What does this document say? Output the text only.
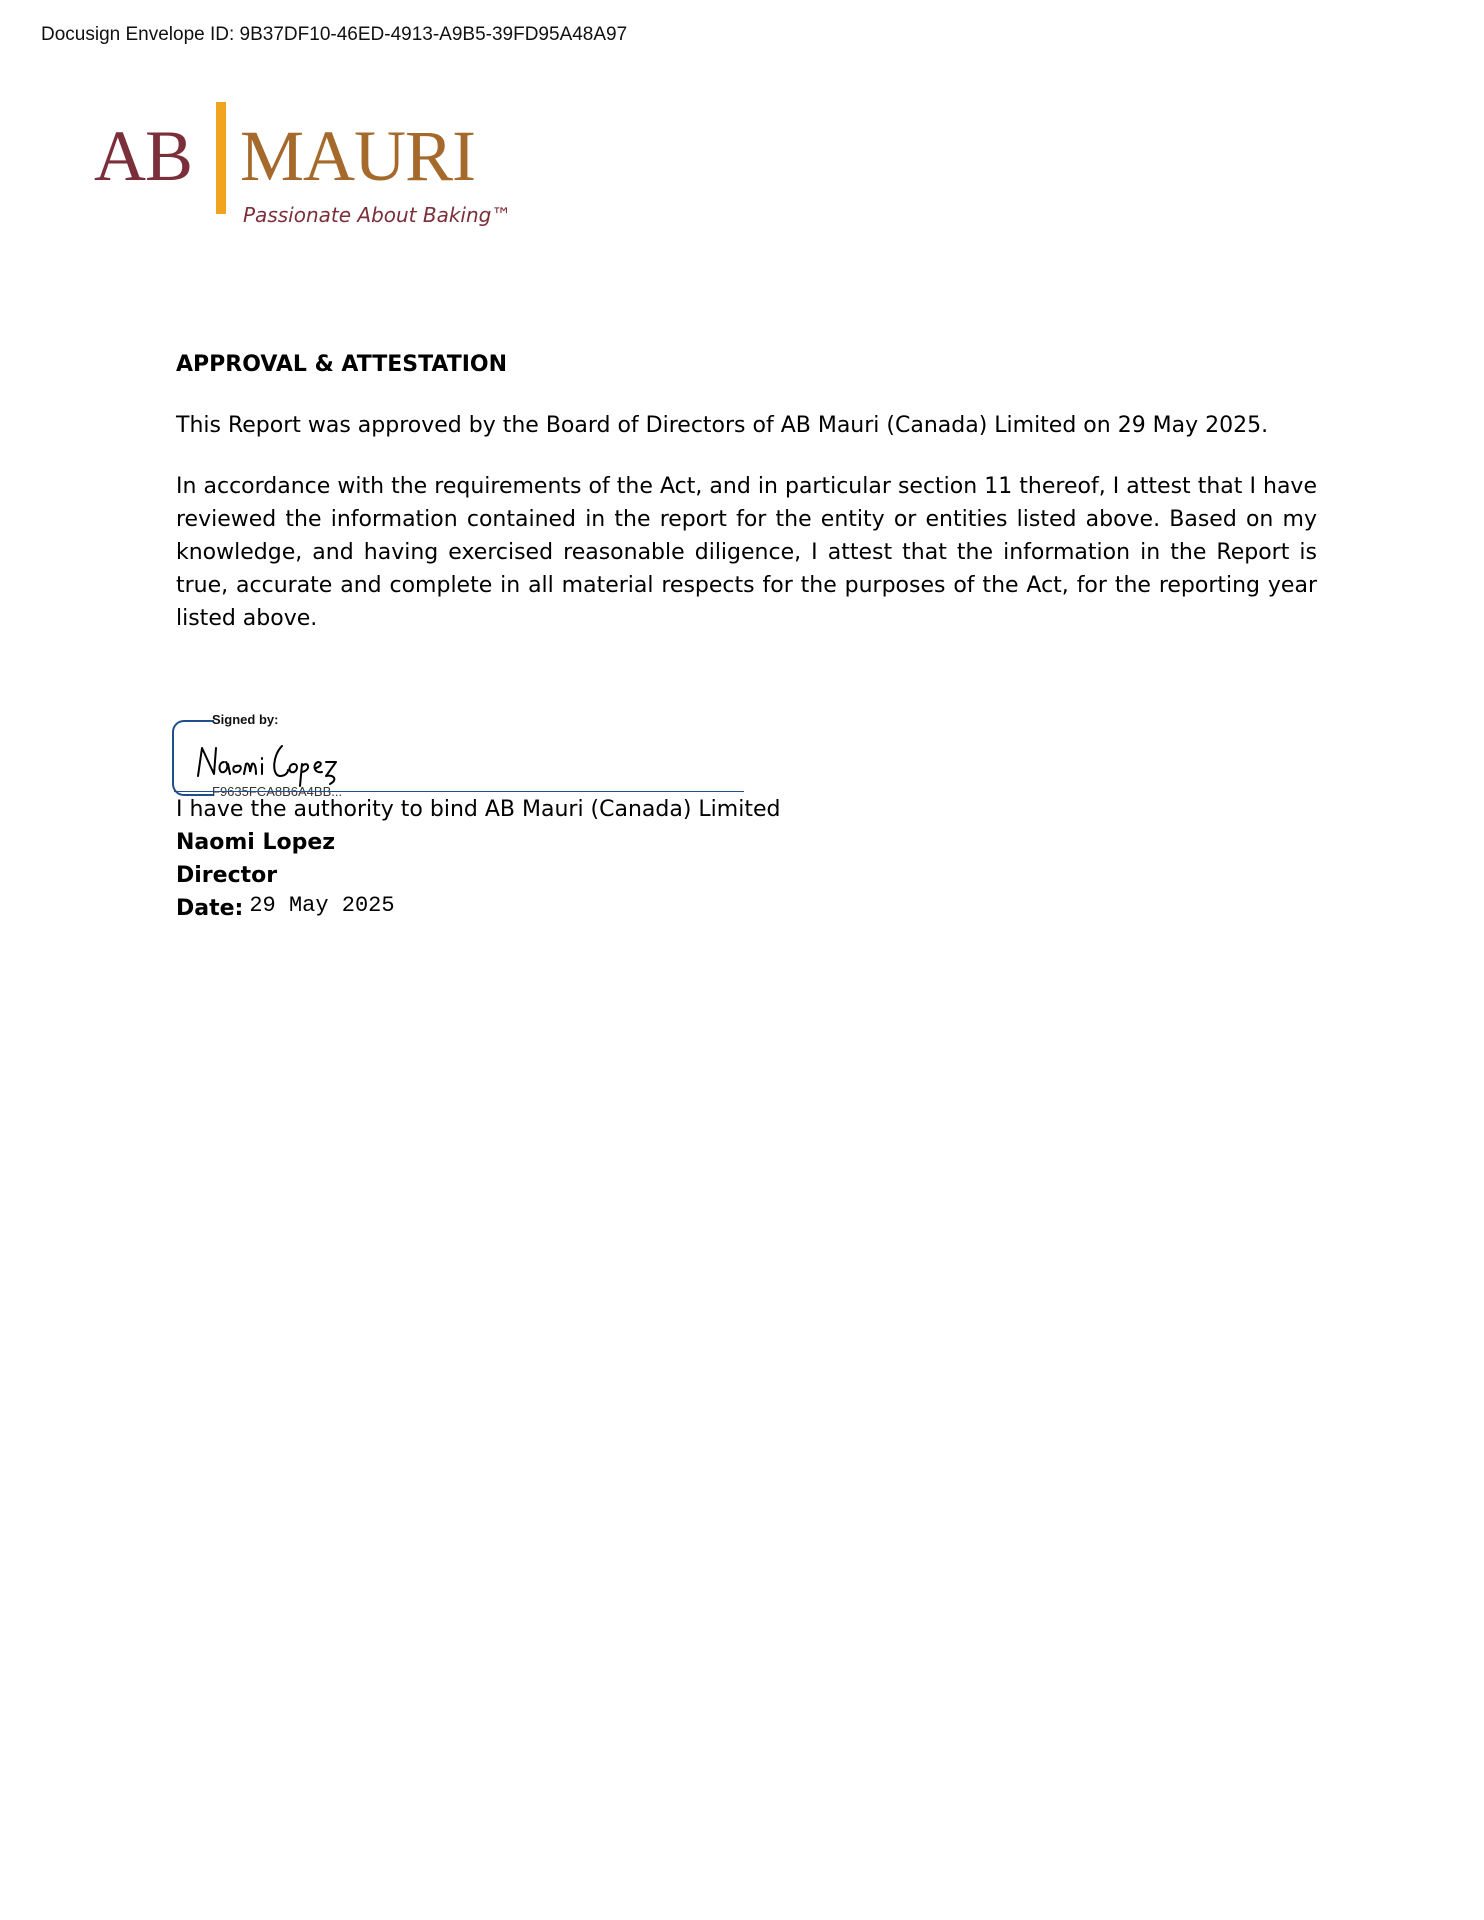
Docusign Envelope ID: 9B37DF10-46ED-4913-A9B5-39FD95A48A97
AB MAURI
Passionate About Baking™

APPROVAL & ATTESTATION

This Report was approved by the Board of Directors of AB Mauri (Canada) Limited on 29 May 2025.

In accordance with the requirements of the Act, and in particular section 11 thereof, I attest that I have reviewed the information contained in the report for the entity or entities listed above. Based on my knowledge, and having exercised reasonable diligence, I attest that the information in the Report is true, accurate and complete in all material respects for the purposes of the Act, for the reporting year listed above.

Signed by:
F9635FCA8B6A4BB...
I have the authority to bind AB Mauri (Canada) Limited
Naomi Lopez
Director
Date: 29 May 2025
